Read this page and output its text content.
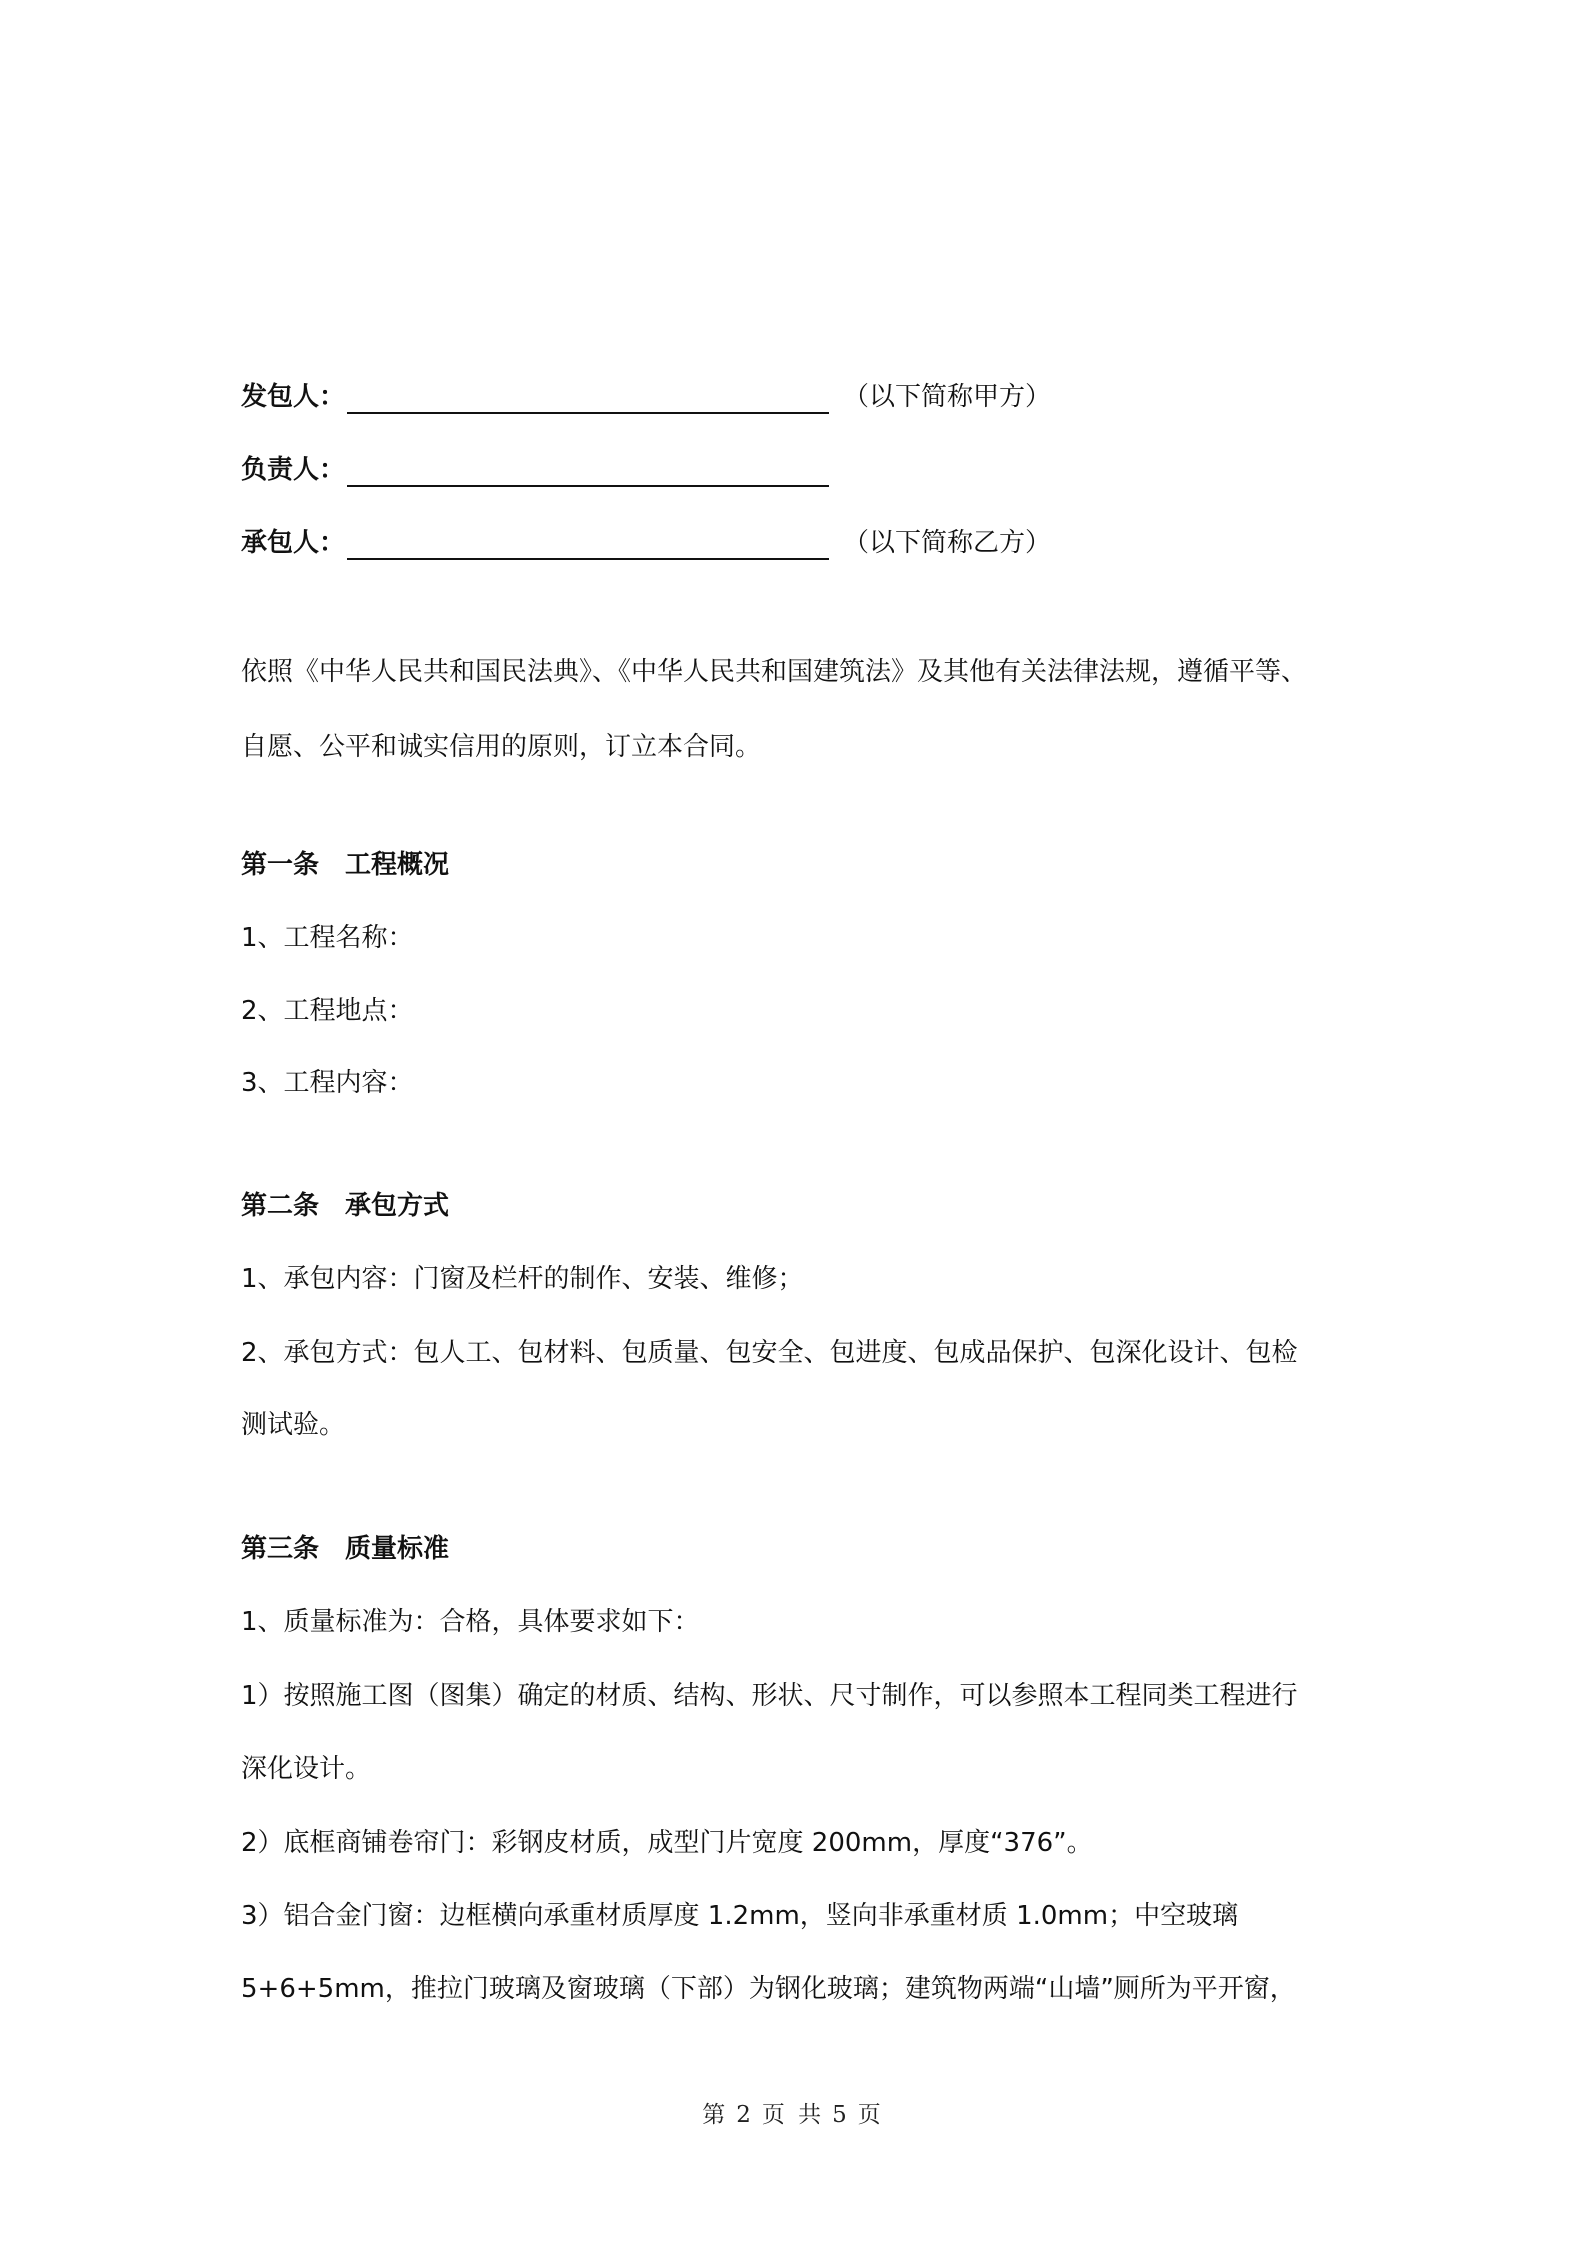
发包人：	（以下简称甲方）
负责人：
承包人：	（以下简称乙方）
依照《中华人民共和国民法典》、《中华人民共和国建筑法》及其他有关法律法规，遵循平等、
自愿、公平和诚实信用的原则，订立本合同。
第一条 工程概况
1、工程名称：
2、工程地点：
3、工程内容：
第二条 承包方式
1、承包内容：门窗及栏杆的制作、安装、维修；
2、承包方式：包人工、包材料、包质量、包安全、包进度、包成品保护、包深化设计、包检
测试验。
第三条 质量标准
1、质量标准为：合格，具体要求如下：
1）按照施工图（图集）确定的材质、结构、形状、尺寸制作，可以参照本工程同类工程进行
深化设计。
2）底框商铺卷帘门：彩钢皮材质，成型门片宽度 200mm，厚度“376”。
3）铝合金门窗：边框横向承重材质厚度 1.2mm，竖向非承重材质 1.0mm；中空玻璃
5+6+5mm，推拉门玻璃及窗玻璃（下部）为钢化玻璃；建筑物两端“山墙”厕所为平开窗，
第 2 页 共 5 页
